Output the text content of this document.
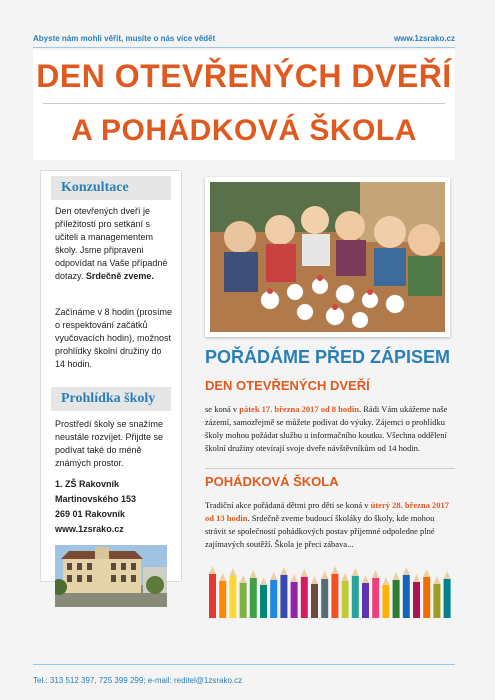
Abyste nám mohli věřit, musíte o nás více vědět	www.1zsrako.cz
DEN OTEVŘENÝCH DVEŘÍ
A POHÁDKOVÁ ŠKOLA
Konzultace
Den otevřených dveří je příležitostí pro setkání s učiteli a managementem školy. Jsme připraveni odpovídat na Vaše případné dotazy. Srdečně zveme.
Začínáme v 8 hodin (prosíme o respektování začátků vyučovacích hodin), možnost prohlídky školní družiny do 14 hodin.
Prohlídka školy
Prostředí školy se snažíme neustále rozvíjet. Přijdte se podívat také do méně známých prostor.
1. ZŠ Rakovník
Martinovského 153
269 01 Rakovník
www.1zsrako.cz
POŘÁDÁME PŘED ZÁPISEM
DEN OTEVŘENÝCH DVEŘÍ
se koná v pátek 17. března 2017 od 8 hodin. Rádi Vám ukážeme naše zázemí, samozřejmě se můžete podívat do výuky. Zájemci o prohlídku školy mohou požádat službu u informačního koutku. Všechna oddělení školní družiny otevírají svoje dveře návštěvníkům od 14 hodin.
POHÁDKOVÁ ŠKOLA
Tradiční akce pořádaná dětmi pro děti se koná v úterý 28. března 2017 od 13 hodin. Srdečně zveme budoucí školáky do školy, kde mohou strávit se společností pohádkových postav příjemné odpoledne plné zajímavých soutěží. Škola je přeci zábava...
Tel.: 313 512 397, 725 399 299; e-mail: reditel@1zsrako.cz
